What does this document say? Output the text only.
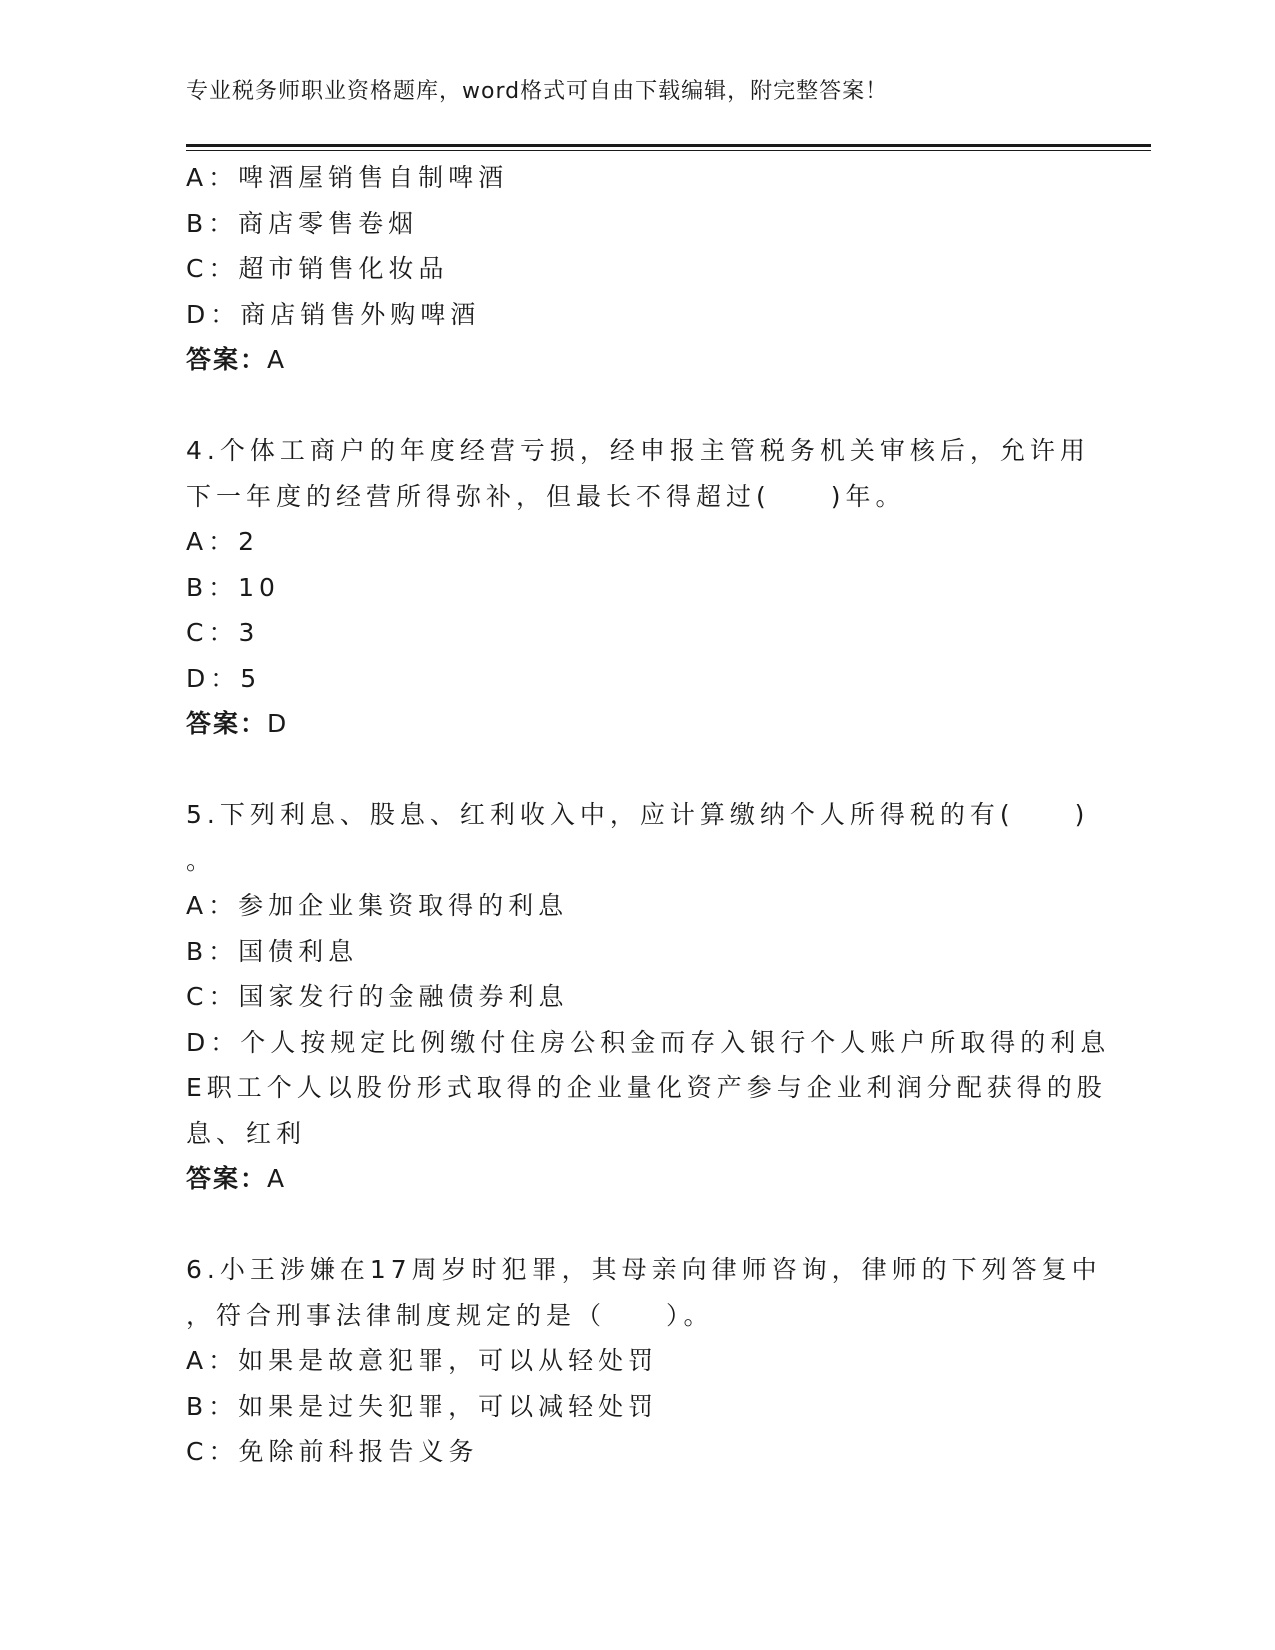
专业税务师职业资格题库，word格式可自由下载编辑，附完整答案！
A：啤酒屋销售自制啤酒
B：商店零售卷烟
C：超市销售化妆品
D：商店销售外购啤酒
答案：A
4.个体工商户的年度经营亏损，经申报主管税务机关审核后，允许用
下一年度的经营所得弥补，但最长不得超过(　　)年。
A：2
B：10
C：3
D：5
答案：D
5.下列利息、股息、红利收入中，应计算缴纳个人所得税的有(　　)
。
A：参加企业集资取得的利息
B：国债利息
C：国家发行的金融债券利息
D：个人按规定比例缴付住房公积金而存入银行个人账户所取得的利息
E职工个人以股份形式取得的企业量化资产参与企业利润分配获得的股
息、红利
答案：A
6.小王涉嫌在17周岁时犯罪，其母亲向律师咨询，律师的下列答复中
，符合刑事法律制度规定的是（　　）。
A：如果是故意犯罪，可以从轻处罚
B：如果是过失犯罪，可以减轻处罚
C：免除前科报告义务
